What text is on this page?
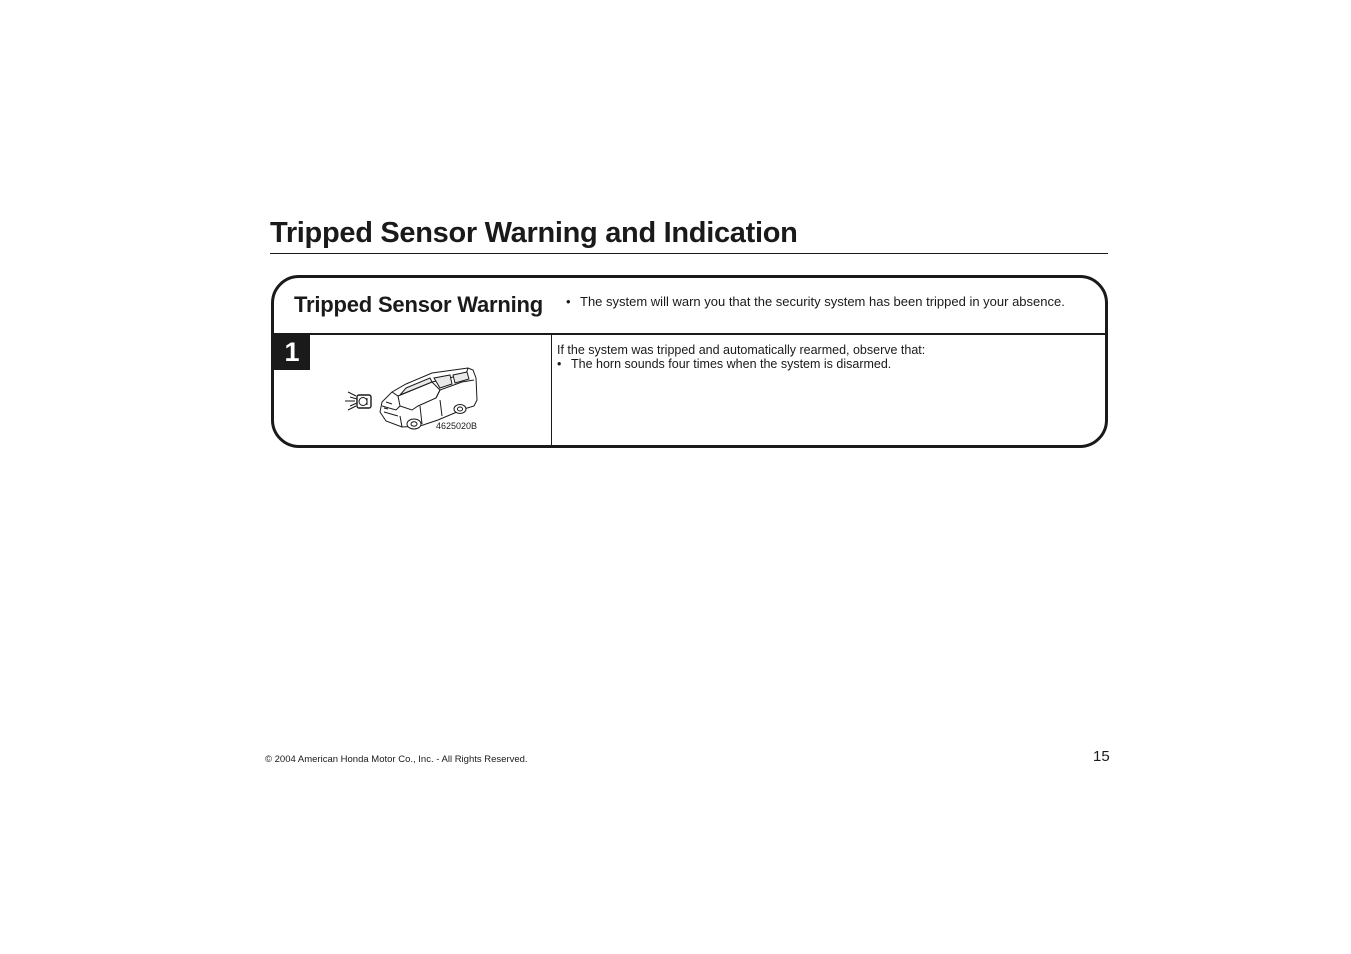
Tripped Sensor Warning and Indication
Tripped Sensor Warning • The system will warn you that the security system has been tripped in your absence.
1
4625020B
If the system was tripped and automatically rearmed, observe that:
• The horn sounds four times when the system is disarmed.
© 2004 American Honda Motor Co., Inc. - All Rights Reserved.	15
